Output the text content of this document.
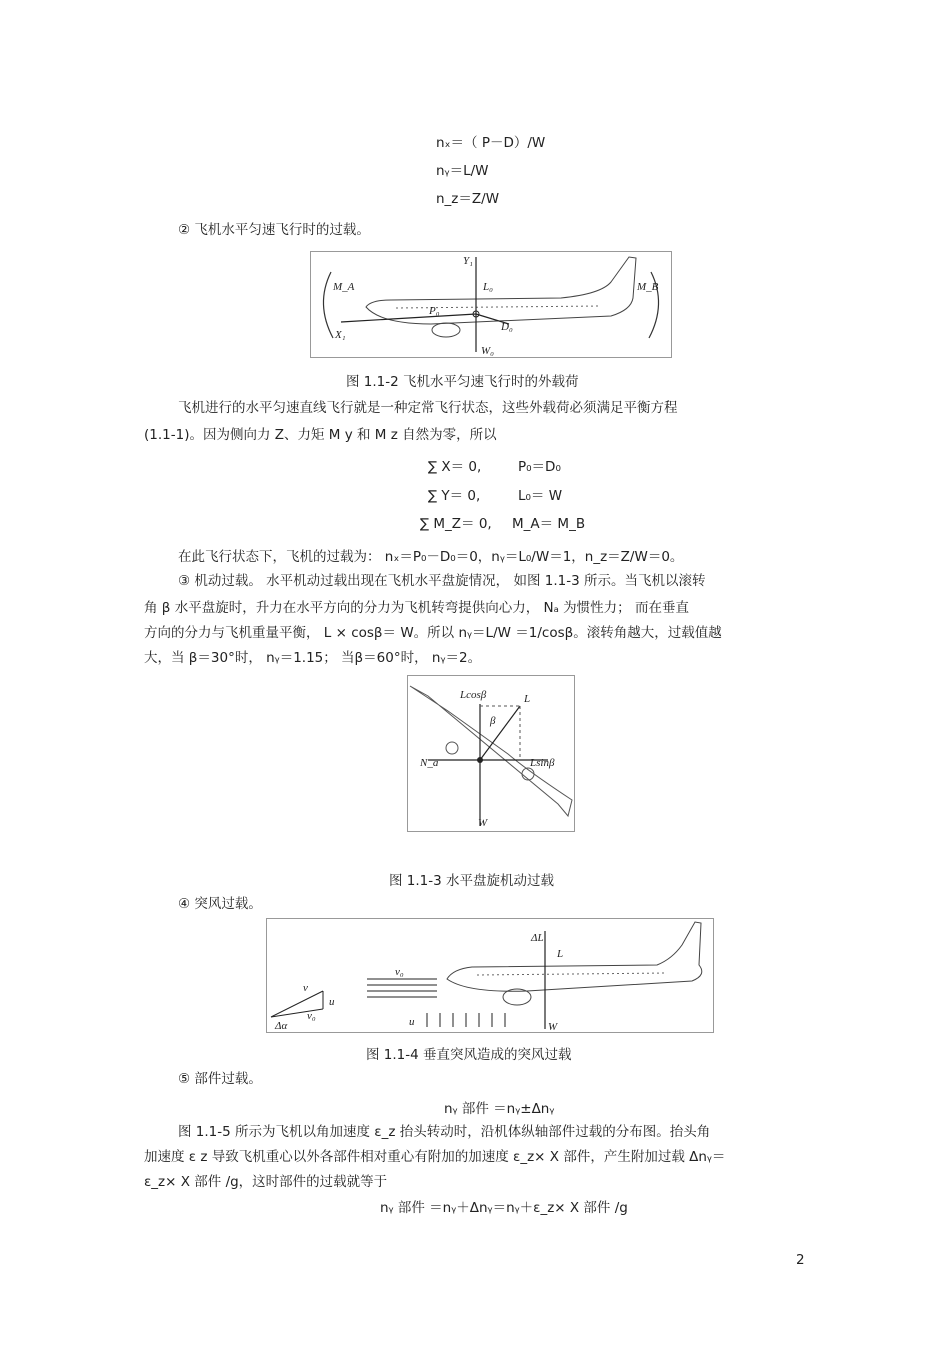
nₓ＝（ P－D）/W
nᵧ＝L/W
n_z＝Z/W
② 飞机水平匀速飞行时的过载。
Y₁
L₀
M_A	M_B
P₀
D₀
X₁
W₀
图 1.1-2 飞机水平匀速飞行时的外载荷
飞机进行的水平匀速直线飞行就是一种定常飞行状态，这些外载荷必须满足平衡方程
(1.1-1)。因为侧向力 Z、力矩 M y 和 M z 自然为零，所以
∑ X＝ 0,	P₀＝D₀
∑ Y＝ 0,	L₀＝ W
∑ M_Z＝ 0, M_A＝ M_B
在此飞行状态下，飞机的过载为： nₓ＝P₀－D₀＝0，nᵧ＝L₀/W＝1，n_z＝Z/W＝0。
③ 机动过载。 水平机动过载出现在飞机水平盘旋情况， 如图 1.1-3 所示。当飞机以滚转
角 β 水平盘旋时，升力在水平方向的分力为飞机转弯提供向心力， Nₐ 为惯性力； 而在垂直
方向的分力与飞机重量平衡， L × cosβ＝ W。所以 nᵧ＝L/W ＝1/cosβ。滚转角越大，过载值越
大，当 β＝30°时， nᵧ＝1.15； 当β＝60°时， nᵧ＝2。
Lcosβ	L
β
N_a	Lsinβ
W
图 1.1-3 水平盘旋机动过载
④ 突风过载。
ΔL
L
v₀
v
u
v₀
Δα	u	W
图 1.1-4 垂直突风造成的突风过载
⑤ 部件过载。
nᵧ 部件 ＝nᵧ±Δnᵧ
图 1.1-5 所示为飞机以角加速度 ε_z 抬头转动时，沿机体纵轴部件过载的分布图。抬头角
加速度 ε z 导致飞机重心以外各部件相对重心有附加的加速度 ε_z× X 部件，产生附加过载 Δnᵧ＝
ε_z× X 部件 /g，这时部件的过载就等于
nᵧ 部件 ＝nᵧ＋Δnᵧ＝nᵧ＋ε_z× X 部件 /g
2
